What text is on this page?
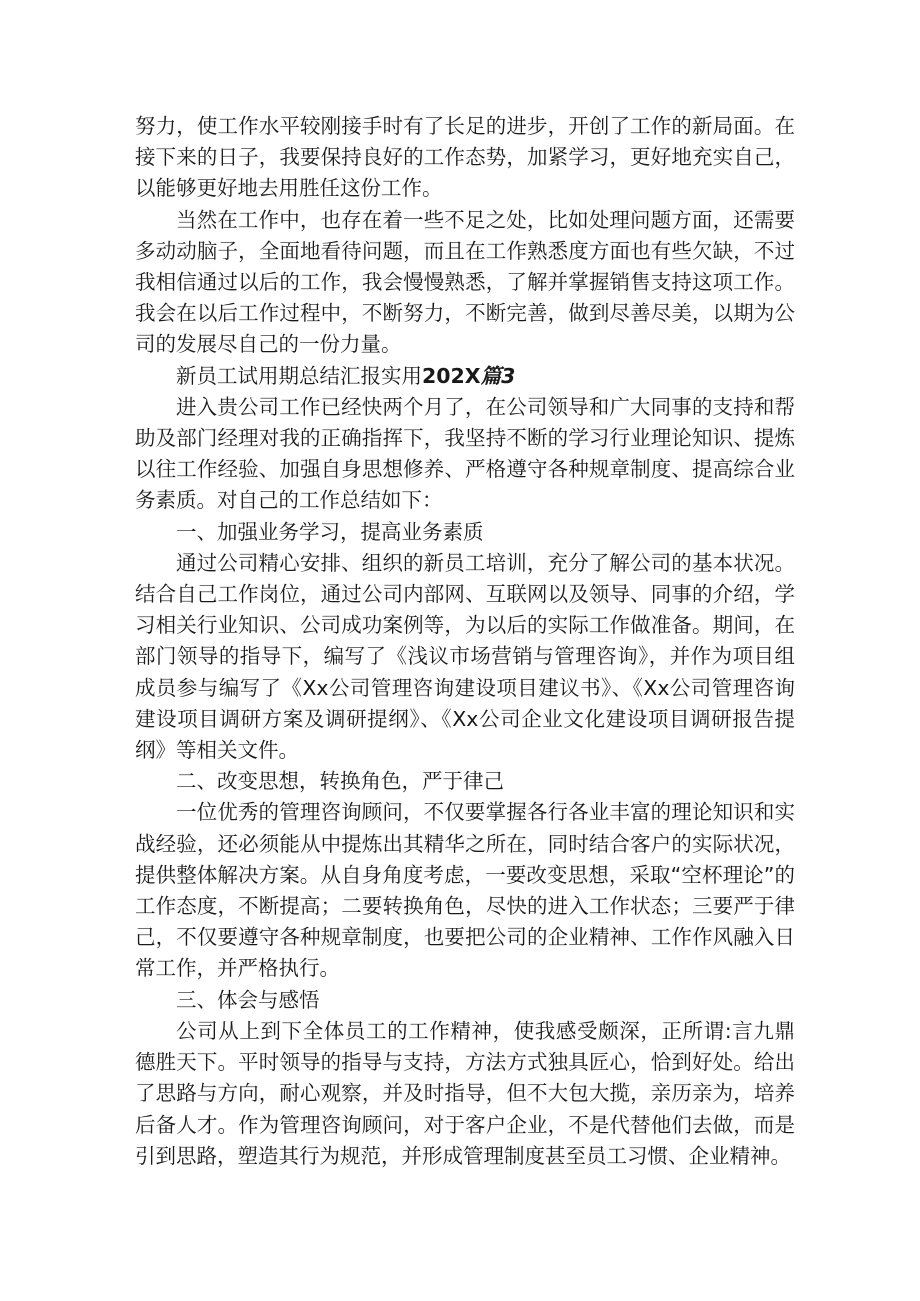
努力，使工作水平较刚接手时有了长足的进步，开创了工作的新局面。在接下来的日子，我要保持良好的工作态势，加紧学习，更好地充实自己，以能够更好地去用胜任这份工作。

当然在工作中，也存在着一些不足之处，比如处理问题方面，还需要多动动脑子，全面地看待问题，而且在工作熟悉度方面也有些欠缺，不过我相信通过以后的工作，我会慢慢熟悉，了解并掌握销售支持这项工作。我会在以后工作过程中，不断努力，不断完善，做到尽善尽美，以期为公司的发展尽自己的一份力量。

新员工试用期总结汇报实用202X篇3

进入贵公司工作已经快两个月了，在公司领导和广大同事的支持和帮助及部门经理对我的正确指挥下，我坚持不断的学习行业理论知识、提炼以往工作经验、加强自身思想修养、严格遵守各种规章制度、提高综合业务素质。对自己的工作总结如下：

一、加强业务学习，提高业务素质

通过公司精心安排、组织的新员工培训，充分了解公司的基本状况。结合自己工作岗位，通过公司内部网、互联网以及领导、同事的介绍，学习相关行业知识、公司成功案例等，为以后的实际工作做准备。期间，在部门领导的指导下，编写了《浅议市场营销与管理咨询》，并作为项目组成员参与编写了《Xx公司管理咨询建设项目建议书》、《Xx公司管理咨询建设项目调研方案及调研提纲》、《Xx公司企业文化建设项目调研报告提纲》等相关文件。

二、改变思想，转换角色，严于律己

一位优秀的管理咨询顾问，不仅要掌握各行各业丰富的理论知识和实战经验，还必须能从中提炼出其精华之所在，同时结合客户的实际状况，提供整体解决方案。从自身角度考虑，一要改变思想，采取“空杯理论”的工作态度，不断提高；二要转换角色，尽快的进入工作状态；三要严于律己，不仅要遵守各种规章制度，也要把公司的企业精神、工作作风融入日常工作，并严格执行。

三、体会与感悟

公司从上到下全体员工的工作精神，使我感受颇深，正所谓:言九鼎德胜天下。平时领导的指导与支持，方法方式独具匠心，恰到好处。给出了思路与方向，耐心观察，并及时指导，但不大包大揽，亲历亲为，培养后备人才。作为管理咨询顾问，对于客户企业，不是代替他们去做，而是引到思路，塑造其行为规范，并形成管理制度甚至员工习惯、企业精神。
